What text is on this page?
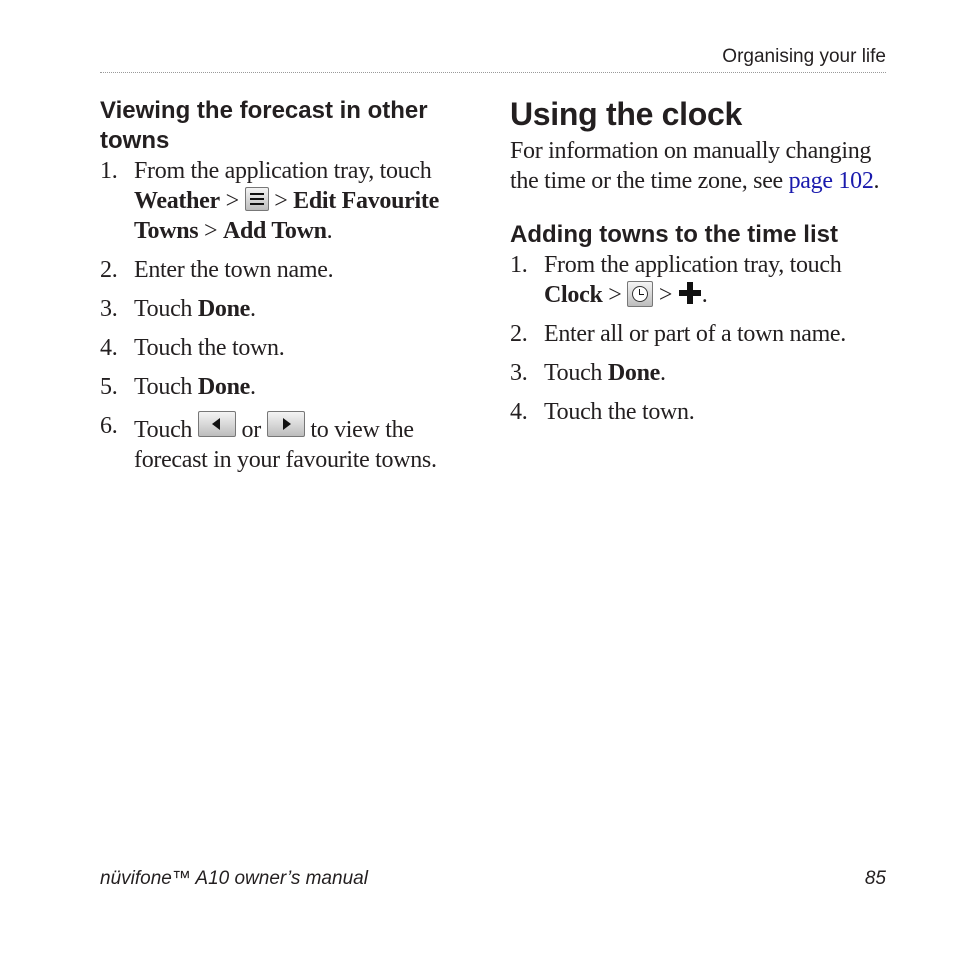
Organising your life
Viewing the forecast in other towns
1. From the application tray, touch Weather >  > Edit Favourite Towns > Add Town.
2. Enter the town name.
3. Touch Done.
4. Touch the town.
5. Touch Done.
6. Touch  or  to view the forecast in your favourite towns.
Using the clock

For information on manually changing the time or the time zone, see page 102.

Adding towns to the time list
1. From the application tray, touch Clock >
> .
2. Enter all or part of a town name.
3. Touch Done.
4. Touch the town.
nüvifone™ A10 owner’s manual	85
